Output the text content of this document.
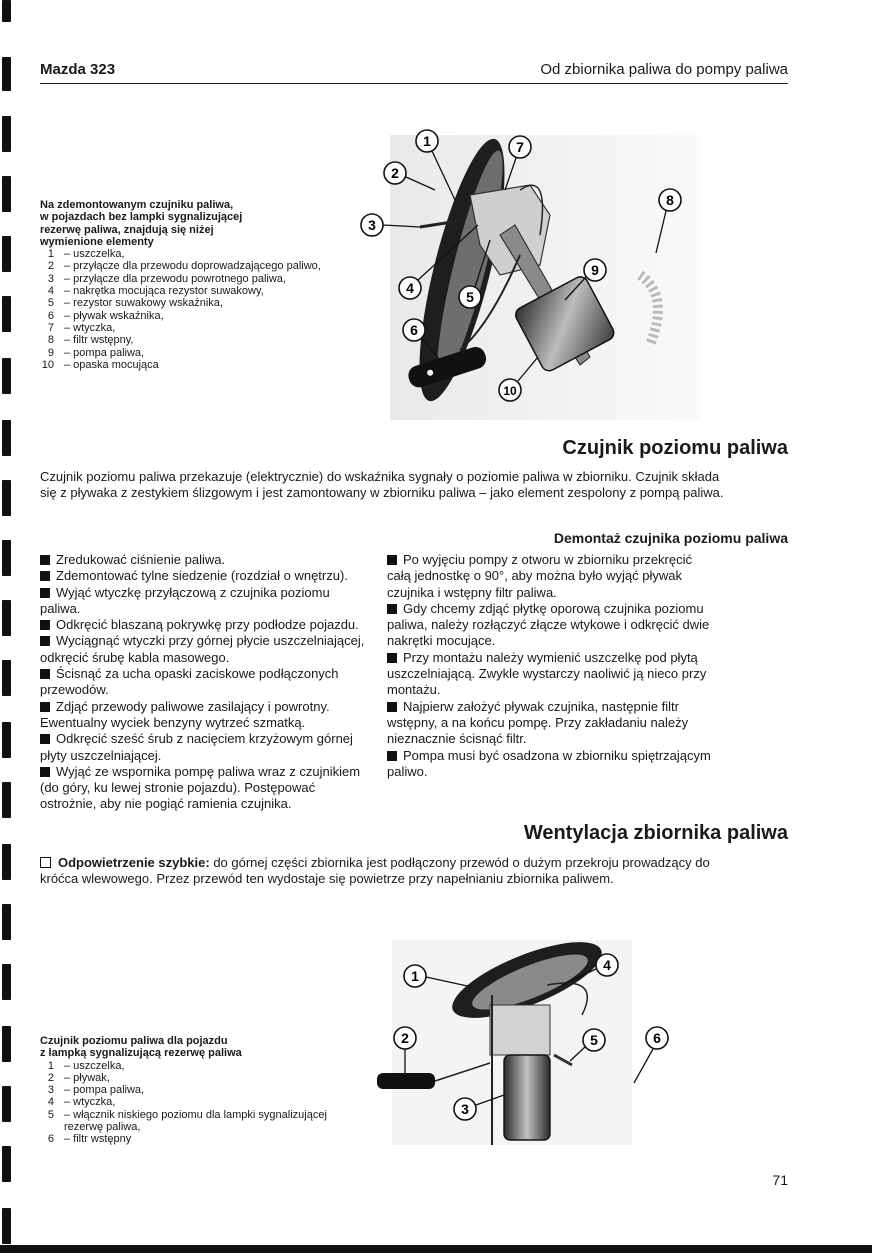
Mazda 323	Od zbiornika paliwa do pompy paliwa
Na zdemontowanym czujniku paliwa,
w pojazdach bez lampki sygnalizującej
rezerwę paliwa, znajdują się niżej
wymienione elementy
1 – uszczelka,
2 – przyłącze dla przewodu doprowadzającego paliwo,
3 – przyłącze dla przewodu powrotnego paliwa,
4 – nakrętka mocująca rezystor suwakowy,
5 – rezystor suwakowy wskaźnika,
6 – pływak wskaźnika,
7 – wtyczka,
8 – filtr wstępny,
9 – pompa paliwa,
10 – opaska mocująca
1
2
3
4
5
6
7
8
9
10
Czujnik poziomu paliwa
Czujnik poziomu paliwa przekazuje (elektrycznie) do wskaźnika sygnały o poziomie paliwa w zbiorniku. Czujnik składa się z pływaka z zestykiem ślizgowym i jest zamontowany w zbiorniku paliwa – jako element zespolony z pompą paliwa.
Demontaż czujnika poziomu paliwa

Zredukować ciśnienie paliwa.

Zdemontować tylne siedzenie (rozdział o wnętrzu).

Wyjąć wtyczkę przyłączową z czujnika poziomu paliwa.

Odkręcić blaszaną pokrywkę przy podłodze pojazdu.

Wyciągnąć wtyczki przy górnej płycie uszczelniającej, odkręcić śrubę kabla masowego.

Ścisnąć za ucha opaski zaciskowe podłączonych przewodów.

Zdjąć przewody paliwowe zasilający i powrotny. Ewentualny wyciek benzyny wytrzeć szmatką.

Odkręcić sześć śrub z nacięciem krzyżowym górnej płyty uszczelniającej.

Wyjąć ze wspornika pompę paliwa wraz z czujnikiem (do góry, ku lewej stronie pojazdu). Postępować ostrożnie, aby nie pogiąć ramienia czujnika.

Po wyjęciu pompy z otworu w zbiorniku przekręcić całą jednostkę o 90°, aby można było wyjąć pływak czujnika i wstępny filtr paliwa.

Gdy chcemy zdjąć płytkę oporową czujnika poziomu paliwa, należy rozłączyć złącze wtykowe i odkręcić dwie nakrętki mocujące.

Przy montażu należy wymienić uszczelkę pod płytą uszczelniającą. Zwykle wystarczy naoliwić ją nieco przy montażu.

Najpierw założyć pływak czujnika, następnie filtr wstępny, a na końcu pompę. Przy zakładaniu należy nieznacznie ścisnąć filtr.

Pompa musi być osadzona w zbiorniku spiętrzającym paliwo.

Wentylacja zbiornika paliwa
Odpowietrzenie szybkie: do górnej części zbiornika jest podłączony przewód o dużym przekroju prowadzący do króćca wlewowego. Przez przewód ten wydostaje się powietrze przy napełnianiu zbiornika paliwem.
Czujnik poziomu paliwa dla pojazdu
z lampką sygnalizującą rezerwę paliwa
1 – uszczelka,
2 – pływak,
3 – pompa paliwa,
4 – wtyczka,
5 – włącznik niskiego poziomu dla lampki sygnalizującej rezerwę paliwa,
6 – filtr wstępny
1
2
3
4
5	6
71
